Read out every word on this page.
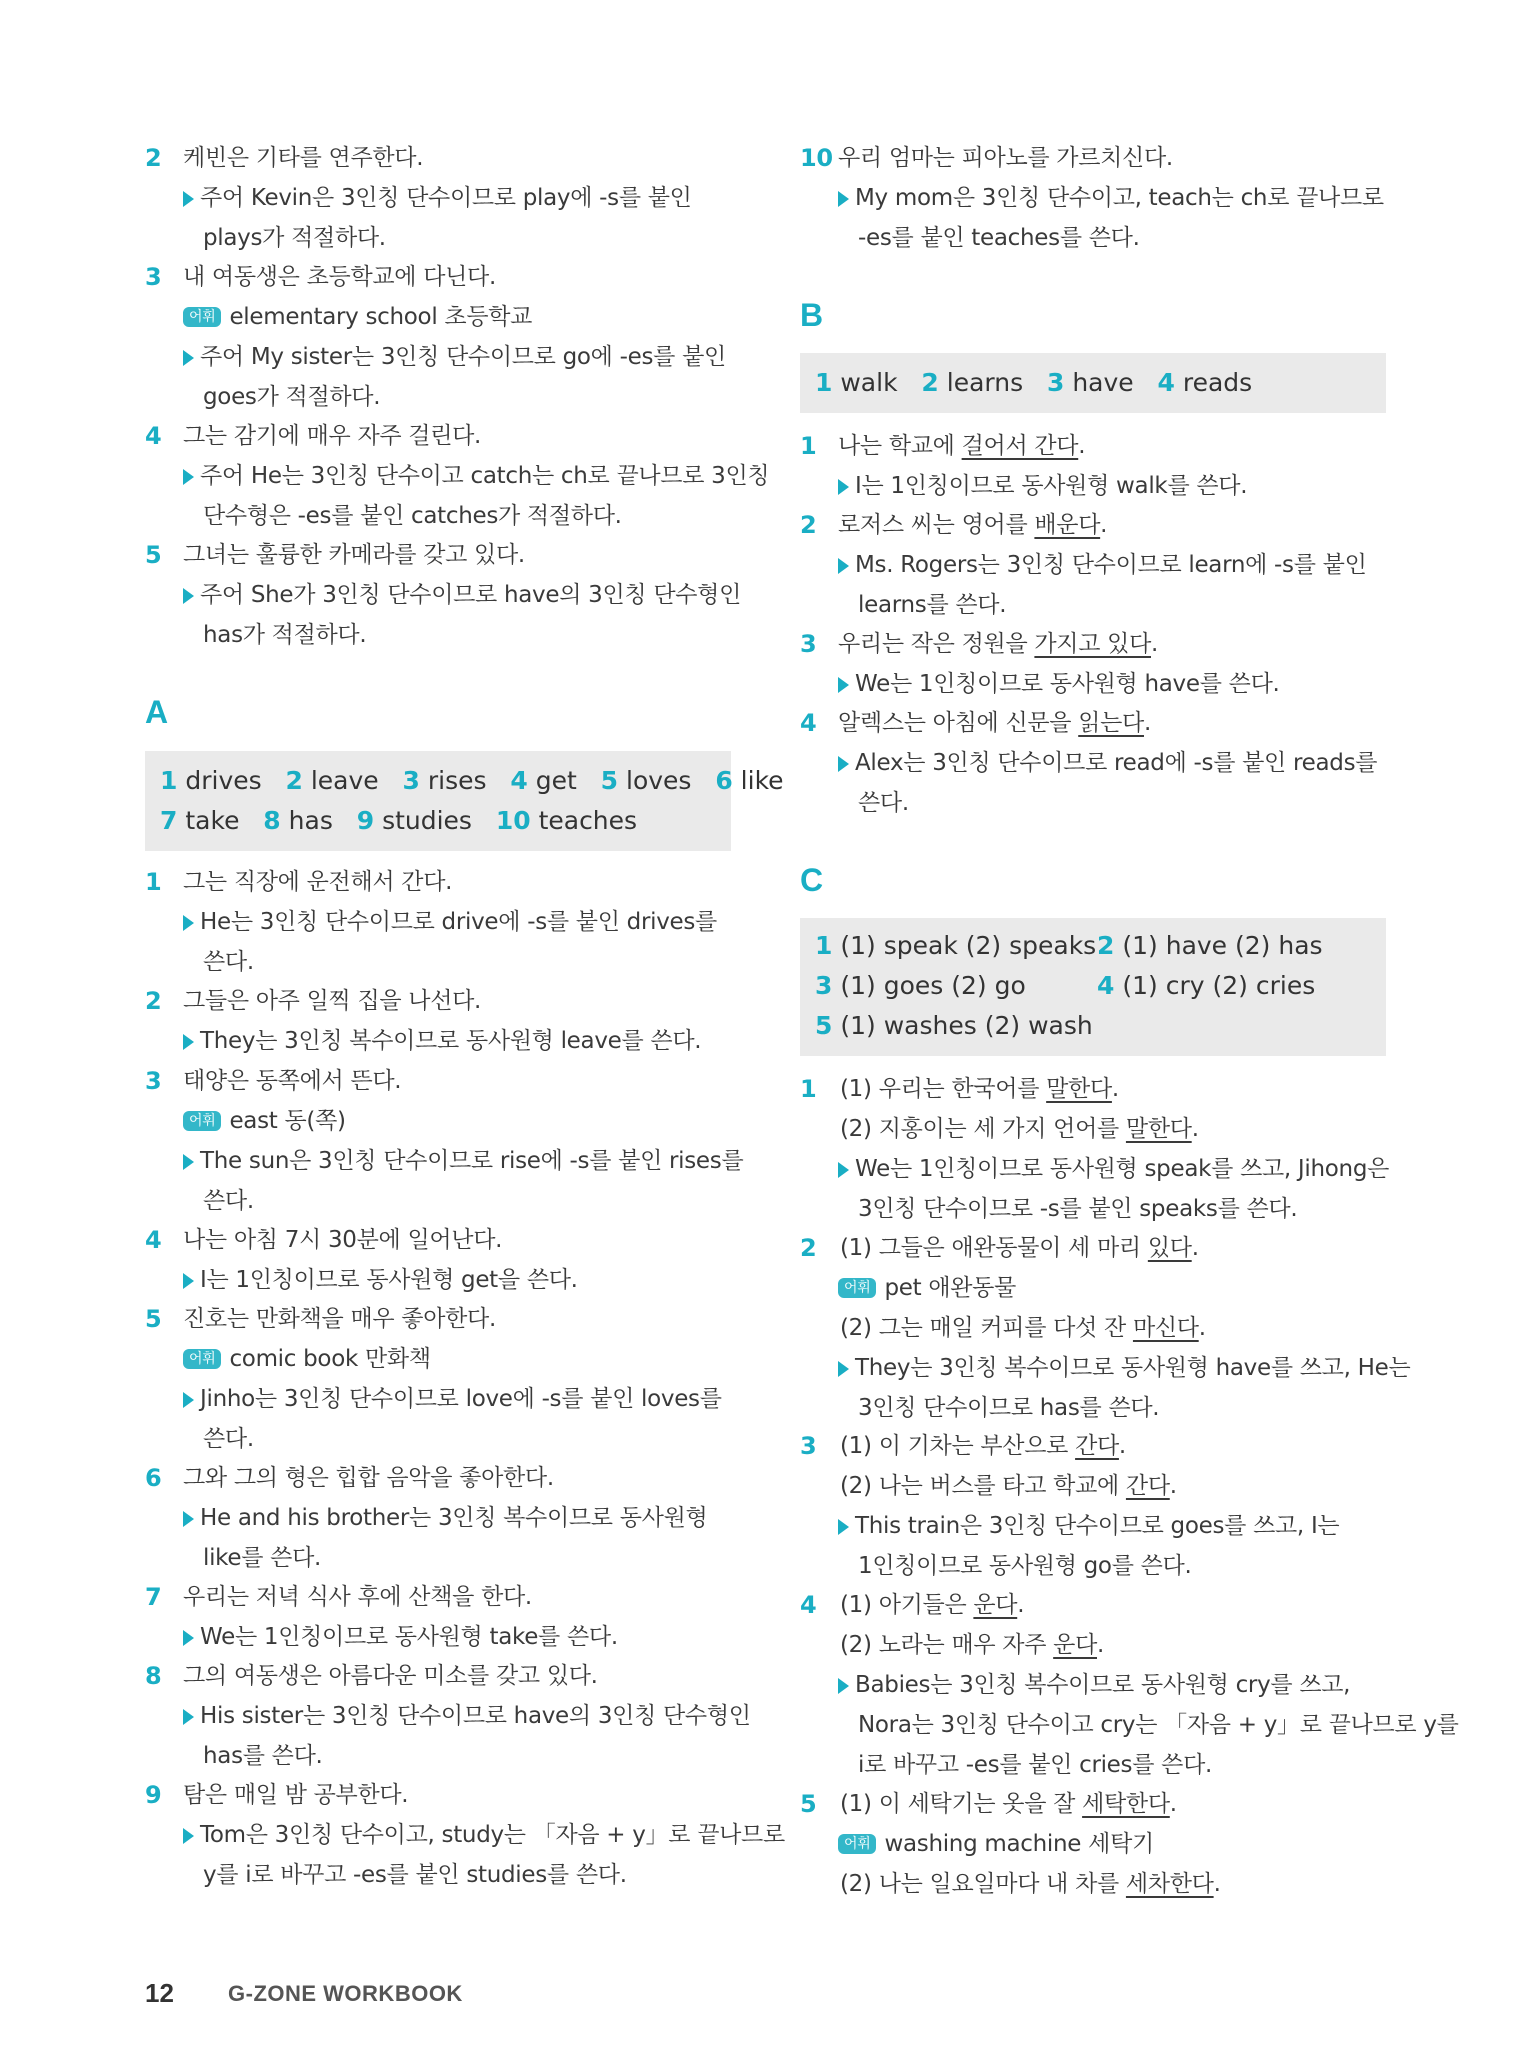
2 케빈은 기타를 연주한다.
주어 Kevin은 3인칭 단수이므로 play에 -s를 붙인
plays가 적절하다.
3 내 여동생은 초등학교에 다닌다.
어휘 elementary school 초등학교
주어 My sister는 3인칭 단수이므로 go에 -es를 붙인
goes가 적절하다.
4 그는 감기에 매우 자주 걸린다.
주어 He는 3인칭 단수이고 catch는 ch로 끝나므로 3인칭
단수형은 -es를 붙인 catches가 적절하다.
5 그녀는 훌륭한 카메라를 갖고 있다.
주어 She가 3인칭 단수이므로 have의 3인칭 단수형인
has가 적절하다.
A
1 drives 2 leave 3 rises 4 get 5 loves 6 like
7 take 8 has 9 studies 10 teaches
1 그는 직장에 운전해서 간다.
He는 3인칭 단수이므로 drive에 -s를 붙인 drives를
쓴다.
2 그들은 아주 일찍 집을 나선다.
They는 3인칭 복수이므로 동사원형 leave를 쓴다.
3 태양은 동쪽에서 뜬다.
어휘 east 동(쪽)
The sun은 3인칭 단수이므로 rise에 -s를 붙인 rises를
쓴다.
4 나는 아침 7시 30분에 일어난다.
I는 1인칭이므로 동사원형 get을 쓴다.
5 진호는 만화책을 매우 좋아한다.
어휘 comic book 만화책
Jinho는 3인칭 단수이므로 love에 -s를 붙인 loves를
쓴다.
6 그와 그의 형은 힙합 음악을 좋아한다.
He and his brother는 3인칭 복수이므로 동사원형
like를 쓴다.
7 우리는 저녁 식사 후에 산책을 한다.
We는 1인칭이므로 동사원형 take를 쓴다.
8 그의 여동생은 아름다운 미소를 갖고 있다.
His sister는 3인칭 단수이므로 have의 3인칭 단수형인
has를 쓴다.
9 탐은 매일 밤 공부한다.
Tom은 3인칭 단수이고, study는 「자음 + y」로 끝나므로
y를 i로 바꾸고 -es를 붙인 studies를 쓴다.
10 우리 엄마는 피아노를 가르치신다.
My mom은 3인칭 단수이고, teach는 ch로 끝나므로
-es를 붙인 teaches를 쓴다.
B
1 walk 2 learns 3 have 4 reads
1 나는 학교에 걸어서 간다.
I는 1인칭이므로 동사원형 walk를 쓴다.
2 로저스 씨는 영어를 배운다.
Ms. Rogers는 3인칭 단수이므로 learn에 -s를 붙인
learns를 쓴다.
3 우리는 작은 정원을 가지고 있다.
We는 1인칭이므로 동사원형 have를 쓴다.
4 알렉스는 아침에 신문을 읽는다.
Alex는 3인칭 단수이므로 read에 -s를 붙인 reads를
쓴다.
C
1 (1) speak (2) speaks 2 (1) have (2) has
3 (1) goes (2) go	4 (1) cry (2) cries
5 (1) washes (2) wash
1 (1) 우리는 한국어를 말한다.
(2) 지홍이는 세 가지 언어를 말한다.
We는 1인칭이므로 동사원형 speak를 쓰고, Jihong은
3인칭 단수이므로 -s를 붙인 speaks를 쓴다.
2 (1) 그들은 애완동물이 세 마리 있다.
어휘 pet 애완동물
(2) 그는 매일 커피를 다섯 잔 마신다.
They는 3인칭 복수이므로 동사원형 have를 쓰고, He는
3인칭 단수이므로 has를 쓴다.
3 (1) 이 기차는 부산으로 간다.
(2) 나는 버스를 타고 학교에 간다.
This train은 3인칭 단수이므로 goes를 쓰고, I는
1인칭이므로 동사원형 go를 쓴다.
4 (1) 아기들은 운다.
(2) 노라는 매우 자주 운다.
Babies는 3인칭 복수이므로 동사원형 cry를 쓰고,
Nora는 3인칭 단수이고 cry는 「자음 + y」로 끝나므로 y를
i로 바꾸고 -es를 붙인 cries를 쓴다.
5 (1) 이 세탁기는 옷을 잘 세탁한다.
어휘 washing machine 세탁기
(2) 나는 일요일마다 내 차를 세차한다.
12 G-ZONE WORKBOOK
